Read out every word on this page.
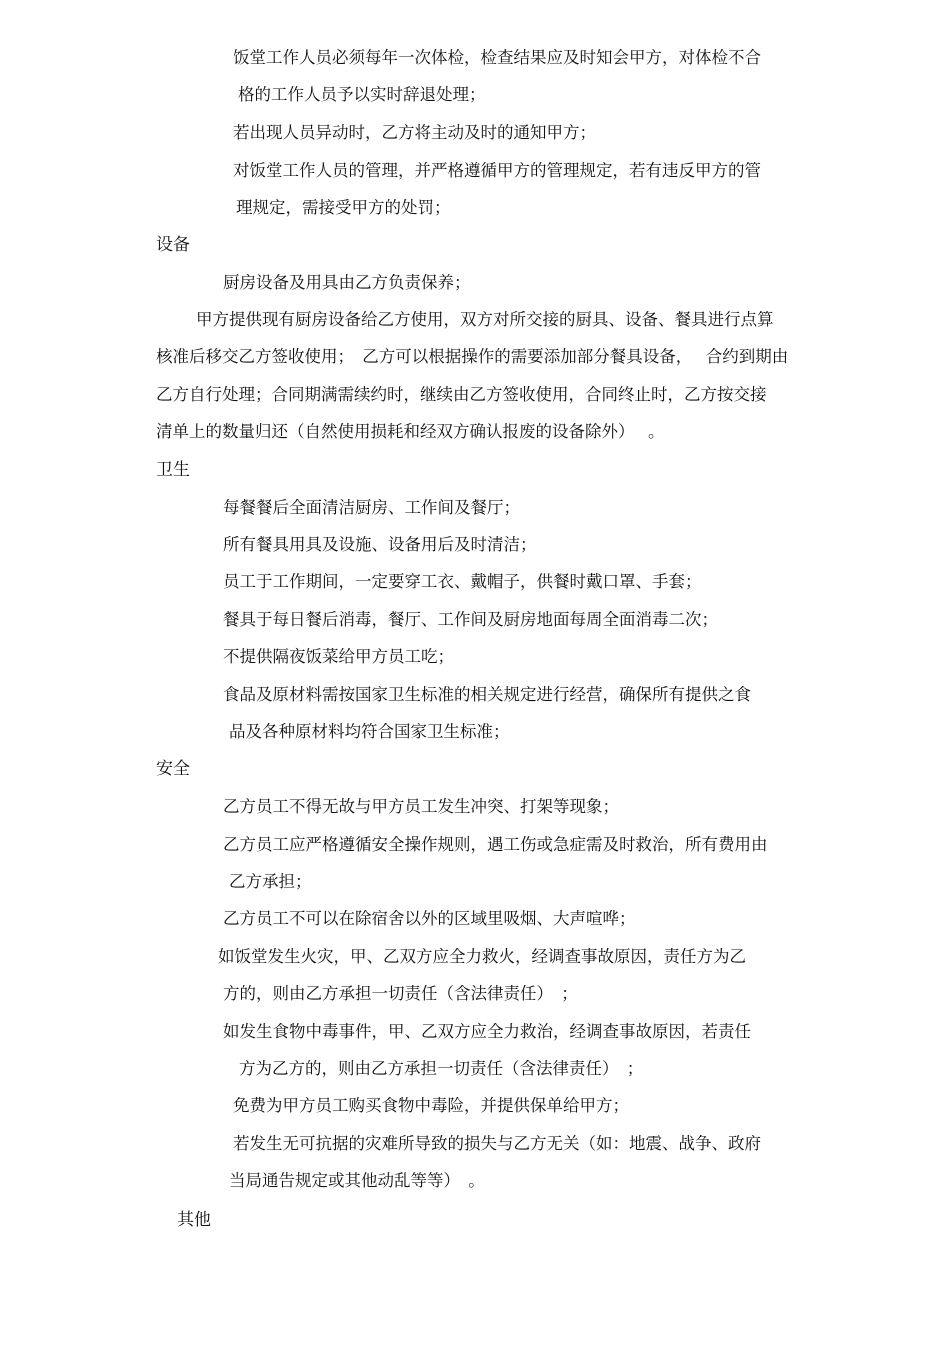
饭堂工作人员必须每年一次体检，检查结果应及时知会甲方，对体检不合
格的工作人员予以实时辞退处理；
若出现人员异动时，乙方将主动及时的通知甲方；
对饭堂工作人员的管理，并严格遵循甲方的管理规定，若有违反甲方的管
理规定，需接受甲方的处罚；
设备
厨房设备及用具由乙方负责保养；
甲方提供现有厨房设备给乙方使用，双方对所交接的厨具、设备、餐具进行点算
核准后移交乙方签收使用；　乙方可以根据操作的需要添加部分餐具设备，　 合约到期由
乙方自行处理；合同期满需续约时，继续由乙方签收使用，合同终止时，乙方按交接
清单上的数量归还（自然使用损耗和经双方确认报废的设备除外）　 。
卫生
每餐餐后全面清洁厨房、工作间及餐厅；
所有餐具用具及设施、设备用后及时清洁；
员工于工作期间，一定要穿工衣、戴帽子，供餐时戴口罩、手套；
餐具于每日餐后消毒，餐厅、工作间及厨房地面每周全面消毒二次；
不提供隔夜饭菜给甲方员工吃；
食品及原材料需按国家卫生标准的相关规定进行经营，确保所有提供之食
品及各种原材料均符合国家卫生标准；
安全
乙方员工不得无故与甲方员工发生冲突、打架等现象；
乙方员工应严格遵循安全操作规则，遇工伤或急症需及时救治，所有费用由
乙方承担；
乙方员工不可以在除宿舍以外的区域里吸烟、大声喧哗；
如饭堂发生火灾，甲、乙双方应全力救火，经调查事故原因，责任方为乙
方的，则由乙方承担一切责任（含法律责任）　；
如发生食物中毒事件，甲、乙双方应全力救治，经调查事故原因，若责任
方为乙方的，则由乙方承担一切责任（含法律责任）　；
免费为甲方员工购买食物中毒险，并提供保单给甲方；
若发生无可抗据的灾难所导致的损失与乙方无关（如：地震、战争、政府
当局通告规定或其他动乱等等）　。
其他
